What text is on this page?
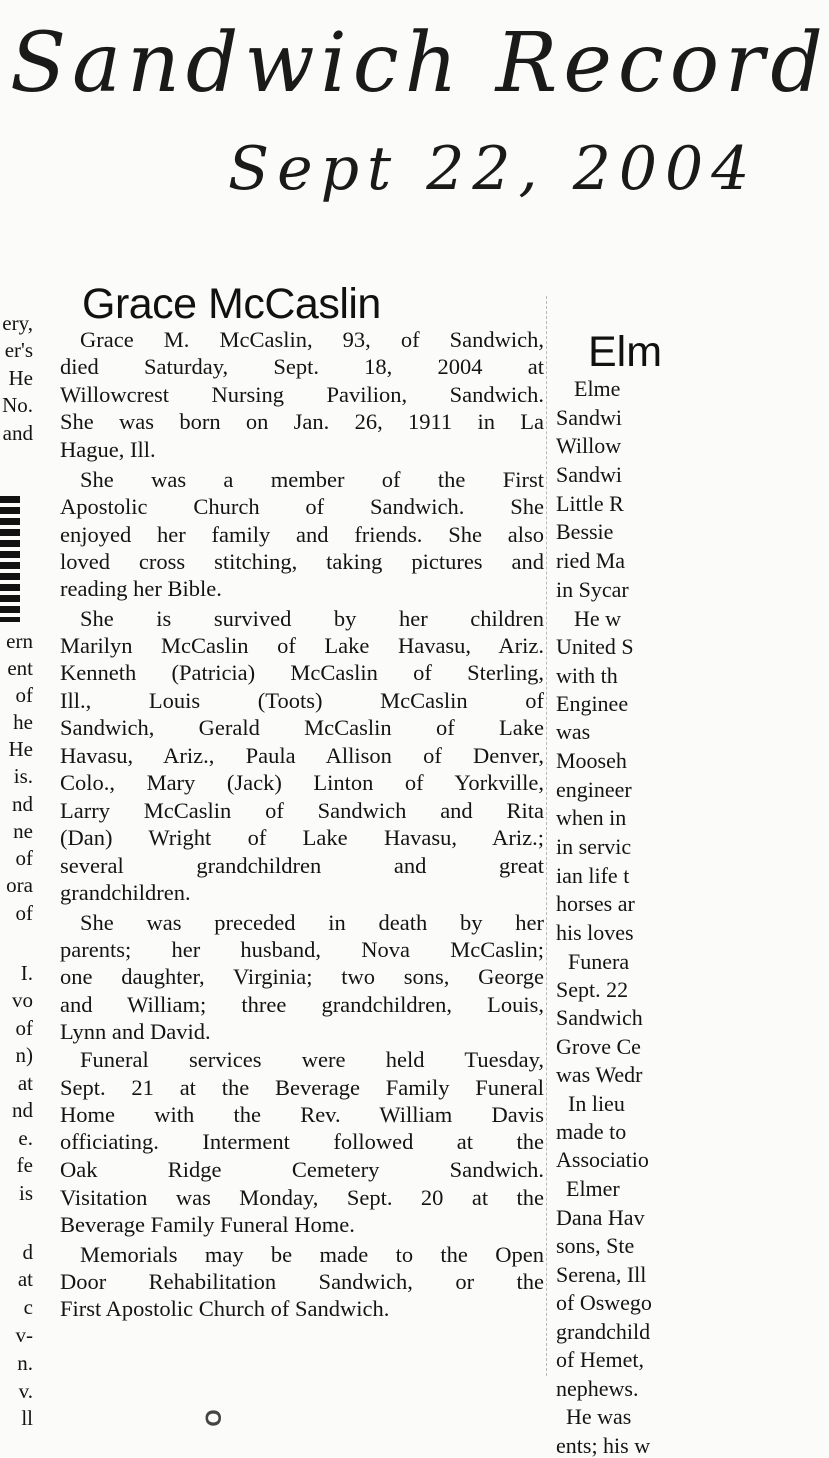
Sandwich Record
Sept 22, 2004
ery,
er's
He
No.
and
ern
ent
of
he
He
is.
nd
ne
of
ora
of
I.
vo
of
n)
at
nd
e.
fe
is
d
at
c
v-
n.
v.
ll
Grace McCaslin
Grace M. McCaslin, 93, of Sandwich,
died Saturday, Sept. 18, 2004 at
Willowcrest Nursing Pavilion, Sandwich.
She was born on Jan. 26, 1911 in La
Hague, Ill.
She was a member of the First
Apostolic Church of Sandwich. She
enjoyed her family and friends. She also
loved cross stitching, taking pictures and
reading her Bible.
She is survived by her children
Marilyn McCaslin of Lake Havasu, Ariz.
Kenneth (Patricia) McCaslin of Sterling,
Ill., Louis (Toots) McCaslin of
Sandwich, Gerald McCaslin of Lake
Havasu, Ariz., Paula Allison of Denver,
Colo., Mary (Jack) Linton of Yorkville,
Larry McCaslin of Sandwich and Rita
(Dan) Wright of Lake Havasu, Ariz.;
several grandchildren and great
grandchildren.
She was preceded in death by her
parents; her husband, Nova McCaslin;
one daughter, Virginia; two sons, George
and William; three grandchildren, Louis,
Lynn and David.
Funeral services were held Tuesday,
Sept. 21 at the Beverage Family Funeral
Home with the Rev. William Davis
officiating. Interment followed at the
Oak Ridge Cemetery Sandwich.
Visitation was Monday, Sept. 20 at the
Beverage Family Funeral Home.
Memorials may be made to the Open
Door Rehabilitation Sandwich, or the
First Apostolic Church of Sandwich.
Elm
Elme
Sandwi
Willow
Sandwi
Little R
Bessie
ried Ma
in Sycar
He w
United S
with th
Enginee
was
Mooseh
engineer
when in
in servic
ian life t
horses ar
his loves
Funera
Sept. 22
Sandwich
Grove Ce
was Wedr
In lieu
made to
Associatio
Elmer
Dana Hav
sons, Ste
Serena, Ill
of Oswego
grandchild
of Hemet,
nephews.
He was
ents; his w
O
